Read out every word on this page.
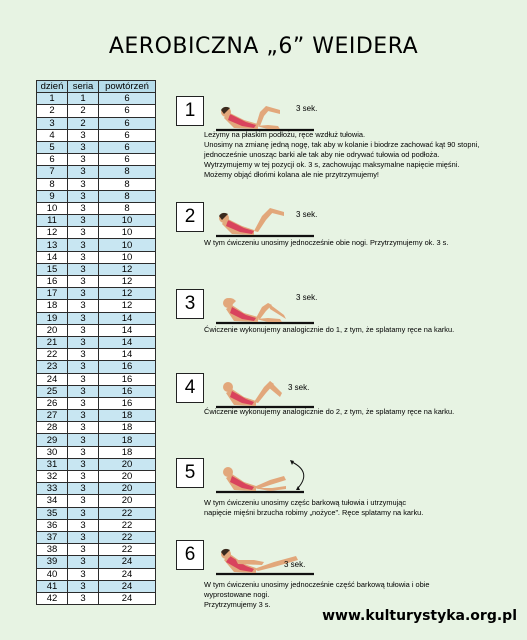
AEROBICZNA „6” WEIDERA
dzień	seria	powtórzeń
1	1	6
2	2	6
3	2	6
4	3	6
5	3	6
6	3	6
7	3	8
8	3	8
9	3	8
10	3	8
11	3	10
12	3	10
13	3	10
14	3	10
15	3	12
16	3	12
17	3	12
18	3	12
19	3	14
20	3	14
21	3	14
22	3	14
23	3	16
24	3	16
25	3	16
26	3	16
27	3	18
28	3	18
29	3	18
30	3	18
31	3	20
32	3	20
33	3	20
34	3	20
35	3	22
36	3	22
37	3	22
38	3	22
39	3	24
40	3	24
41	3	24
42	3	24
1	3 sek.
Leżymy na płaskim podłożu, ręce wzdłuż tułowia.
Unosimy na zmianę jedną nogę, tak aby w kolanie i biodrze zachować kąt 90 stopni,
jednocześnie unosząc barki ale tak aby nie odrywać tułowia od podłoża.
Wytrzymujemy w tej pozycji ok. 3 s, zachowując maksymalne napięcie mięśni.
Możemy objąć dłońmi kolana ale nie przytrzymujemy!
2	3 sek.
W tym ćwiczeniu unosimy jednocześnie obie nogi. Przytrzymujemy ok. 3 s.
3	3 sek.
Ćwiczenie wykonujemy analogicznie do 1, z tym, że splatamy ręce na karku.
4	3 sek.
Ćwiczenie wykonujemy analogicznie do 2, z tym, że splatamy ręce na karku.
5
W tym ćwiczeniu unosimy częśc barkową tułowia i utrzymując
napięcie mięśni brzucha robimy „nożyce”. Ręce splatamy na karku.
6	3 sek.
W tym ćwiczeniu unosimy jednocześnie część barkową tułowia i obie
wyprostowane nogi.
Przytrzymujemy 3 s.
www.kulturystyka.org.pl
